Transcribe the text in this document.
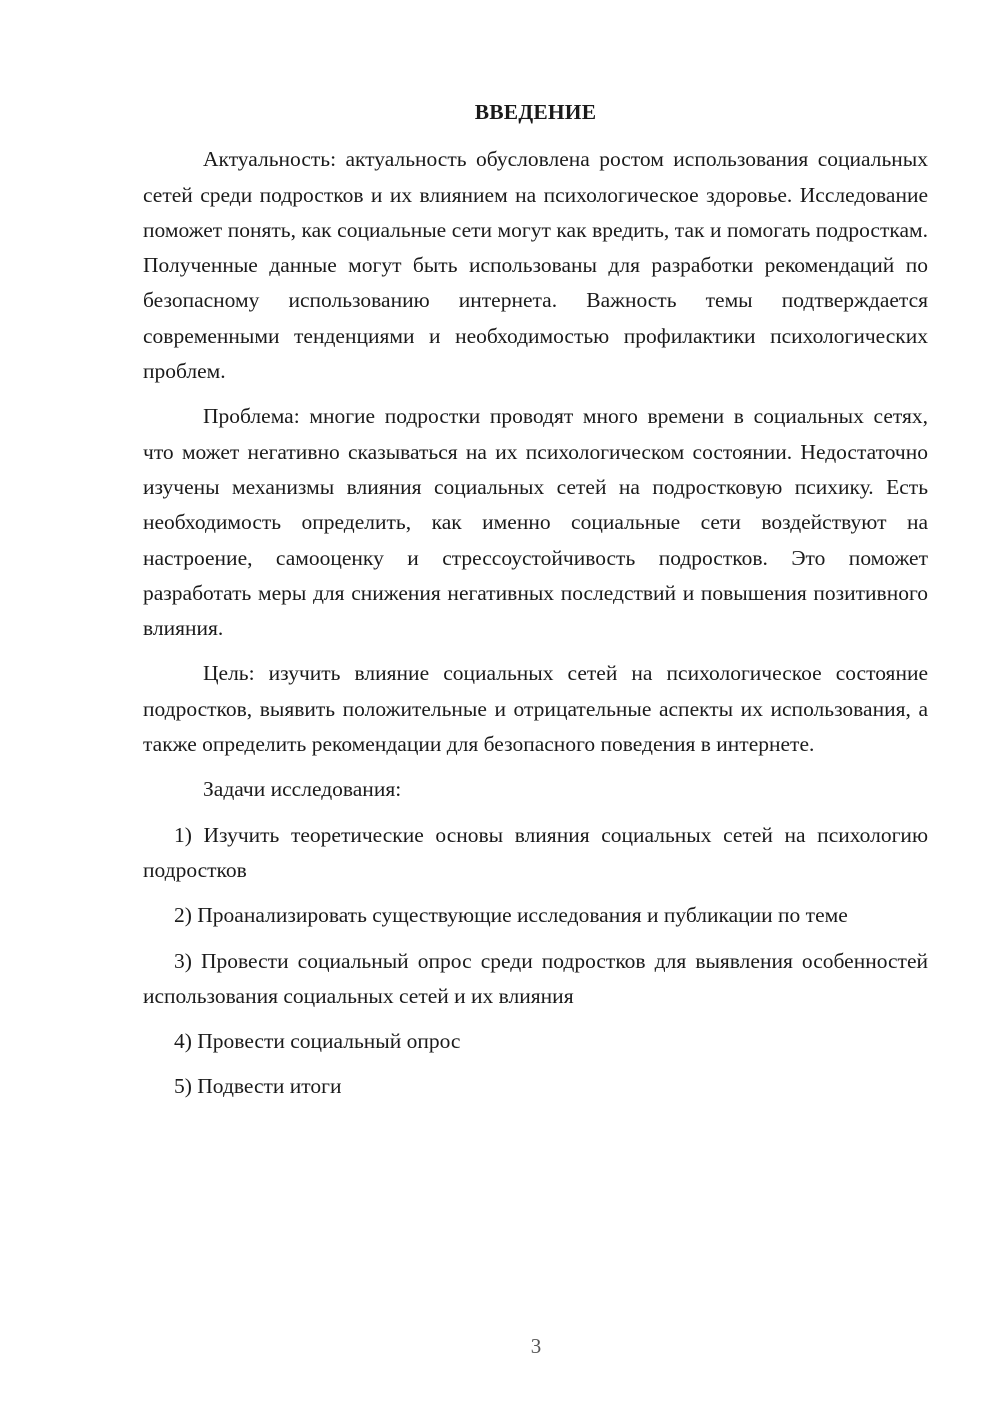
ВВЕДЕНИЕ

Актуальность: актуальность обусловлена ростом использования социальных сетей среди подростков и их влиянием на психологическое здоровье. Исследование поможет понять, как социальные сети могут как вредить, так и помогать подросткам. Полученные данные могут быть использованы для разработки рекомендаций по безопасному использованию интернета. Важность темы подтверждается современными тенденциями и необходимостью профилактики психологических проблем.

Проблема: многие подростки проводят много времени в социальных сетях, что может негативно сказываться на их психологическом состоянии. Недостаточно изучены механизмы влияния социальных сетей на подростковую психику. Есть необходимость определить, как именно социальные сети воздействуют на настроение, самооценку и стрессоустойчивость подростков. Это поможет разработать меры для снижения негативных последствий и повышения позитивного влияния.

Цель: изучить влияние социальных сетей на психологическое состояние подростков, выявить положительные и отрицательные аспекты их использования, а также определить рекомендации для безопасного поведения в интернете.

Задачи исследования:

1) Изучить теоретические основы влияния социальных сетей на психологию подростков

2) Проанализировать существующие исследования и публикации по теме

3) Провести социальный опрос среди подростков для выявления особенностей использования социальных сетей и их влияния

4) Провести социальный опрос

5) Подвести итоги

3
